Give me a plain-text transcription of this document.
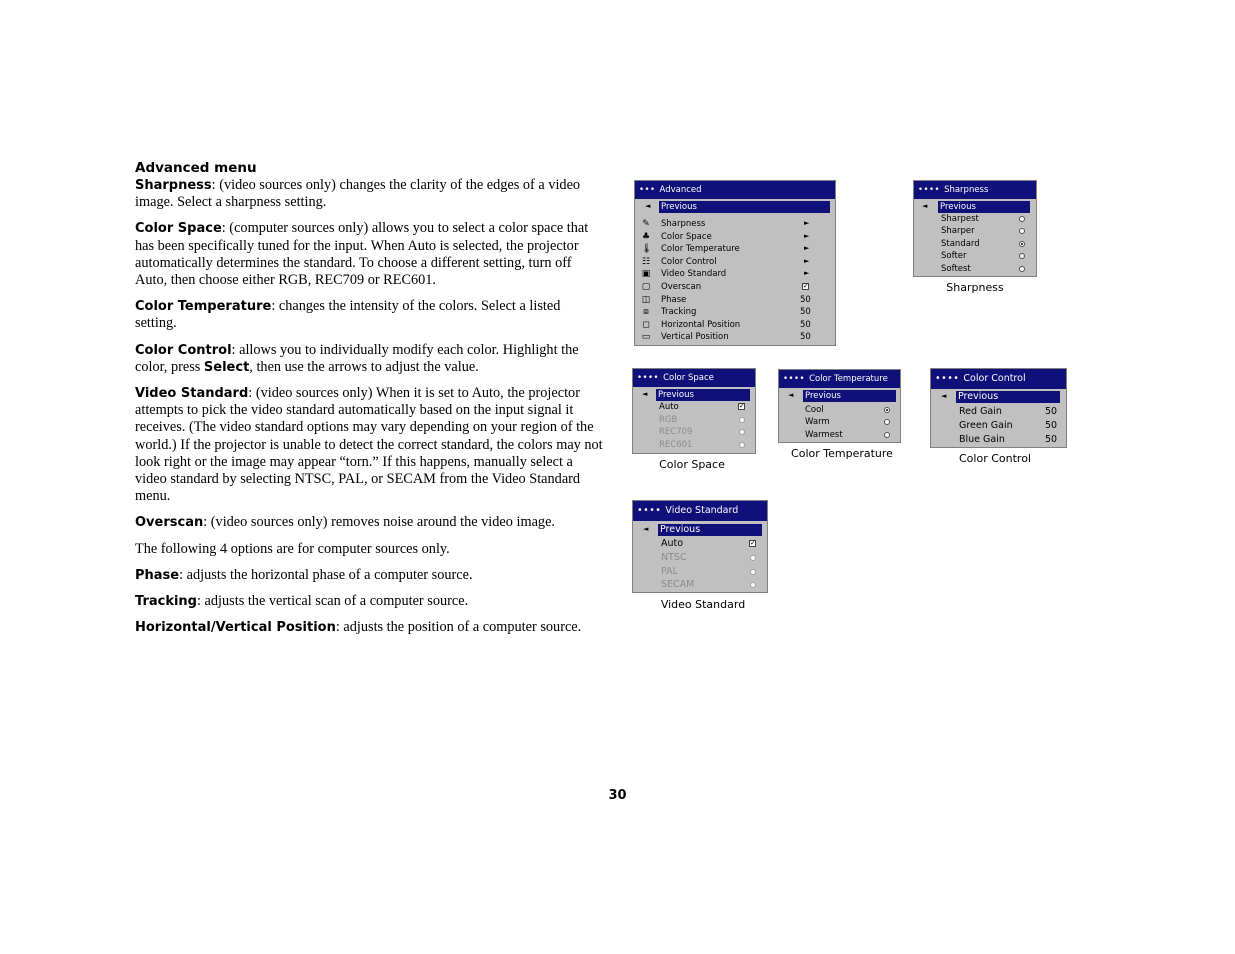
Advanced menu

Sharpness: (video sources only) changes the clarity of the edges of a video image. Select a sharpness setting.

Color Space: (computer sources only) allows you to select a color space that has been specifically tuned for the input. When Auto is selected, the projector automatically determines the standard. To choose a different setting, turn off Auto, then choose either RGB, REC709 or REC601.

Color Temperature: changes the intensity of the colors. Select a listed setting.

Color Control: allows you to individually modify each color. Highlight the color, press Select, then use the arrows to adjust the value.

Video Standard: (video sources only) When it is set to Auto, the projector attempts to pick the video standard automatically based on the input signal it receives. (The video standard options may vary depending on your region of the world.) If the projector is unable to detect the correct standard, the colors may not look right or the image may appear “torn.” If this happens, manually select a video standard by selecting NTSC, PAL, or SECAM from the Video Standard menu.

Overscan: (video sources only) removes noise around the video image.

The following 4 options are for computer sources only.

Phase: adjusts the horizontal phase of a computer source.

Tracking: adjusts the vertical scan of a computer source.

Horizontal/Vertical Position: adjusts the position of a computer source.

••• Advanced
◄ Previous
✎ Sharpness	►
♣ Color Space	►
🌡 Color Temperature	►
☷ Color Control	►
▣ Video Standard	►
▢ Overscan	✓
◫ Phase	50
⧈ Tracking	50
◻ Horizontal Position	50
▭ Vertical Position	50
•••• Sharpness
◄ Previous
Sharpest
Sharper
Standard
Softer
Softest
Sharpness
•••• Color Space
◄ Previous
Auto	✓
RGB
REC709
REC601
Color Space
•••• Color Temperature
◄ Previous
Cool
Warm
Warmest
Color Temperature
•••• Color Control
◄ Previous
Red Gain	50
Green Gain	50
Blue Gain	50
Color Control
•••• Video Standard
◄ Previous
Auto	✓
NTSC
PAL
SECAM
Video Standard
30
